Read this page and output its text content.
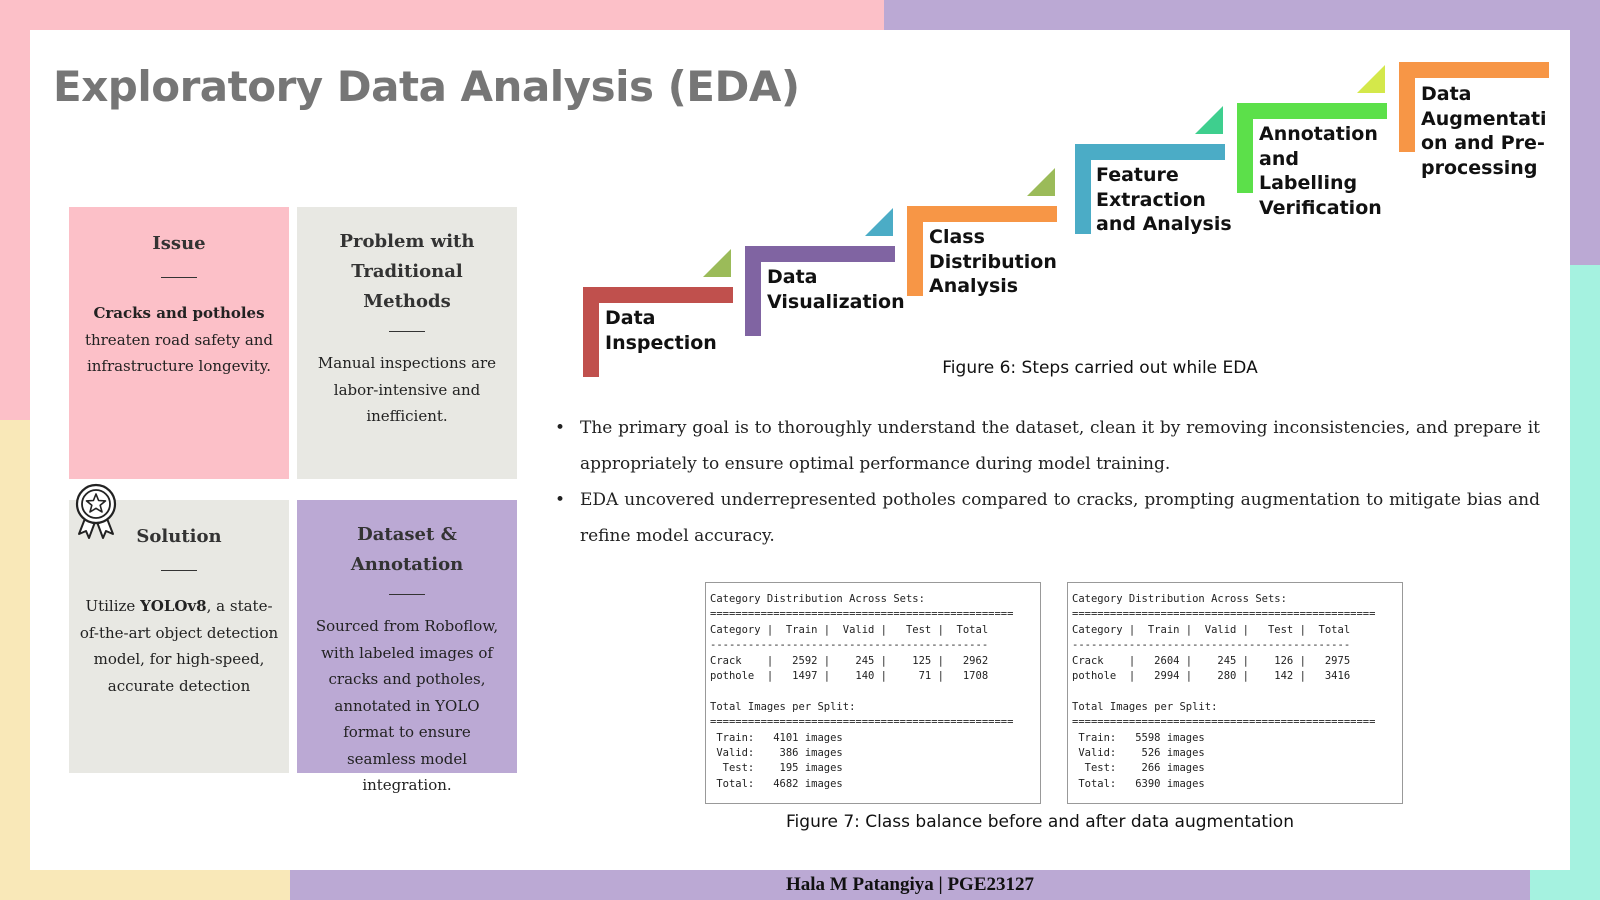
Exploratory Data Analysis (EDA)
Issue
Cracks and potholes
threaten road safety and infrastructure longevity.
Problem with Traditional Methods
Manual inspections are labor-intensive and inefficient.
Solution
Utilize YOLOv8, a state-of-the-art object detection model, for high-speed, accurate detection
Dataset & Annotation
Sourced from Roboflow, with labeled images of cracks and potholes, annotated in YOLO format to ensure seamless model integration.
Data
Inspection
Data
Visualization
Class
Distribution
Analysis
Feature
Extraction
and Analysis
Annotation
and
Labelling
Verification
Data
Augmentati
on and Pre-
processing
Figure 6: Steps carried out while EDA
• The primary goal is to thoroughly understand the dataset, clean it by removing inconsistencies, and prepare it appropriately to ensure optimal performance during model training.
• EDA uncovered underrepresented potholes compared to cracks, prompting augmentation to mitigate bias and refine model accuracy.
Category Distribution Across Sets:
================================================
Category |  Train |  Valid |   Test |  Total
--------------------------------------------
Crack    |   2592 |    245 |    125 |   2962
pothole  |   1497 |    140 |     71 |   1708

Total Images per Split:
================================================
Train:   4101 images
Valid:    386 images
Test:    195 images
Total:   4682 images
Category Distribution Across Sets:
================================================
Category |  Train |  Valid |   Test |  Total
--------------------------------------------
Crack    |   2604 |    245 |    126 |   2975
pothole  |   2994 |    280 |    142 |   3416

Total Images per Split:
================================================
Train:   5598 images
Valid:    526 images
Test:    266 images
Total:   6390 images
Figure 7: Class balance before and after data augmentation
Hala M Patangiya | PGE23127
